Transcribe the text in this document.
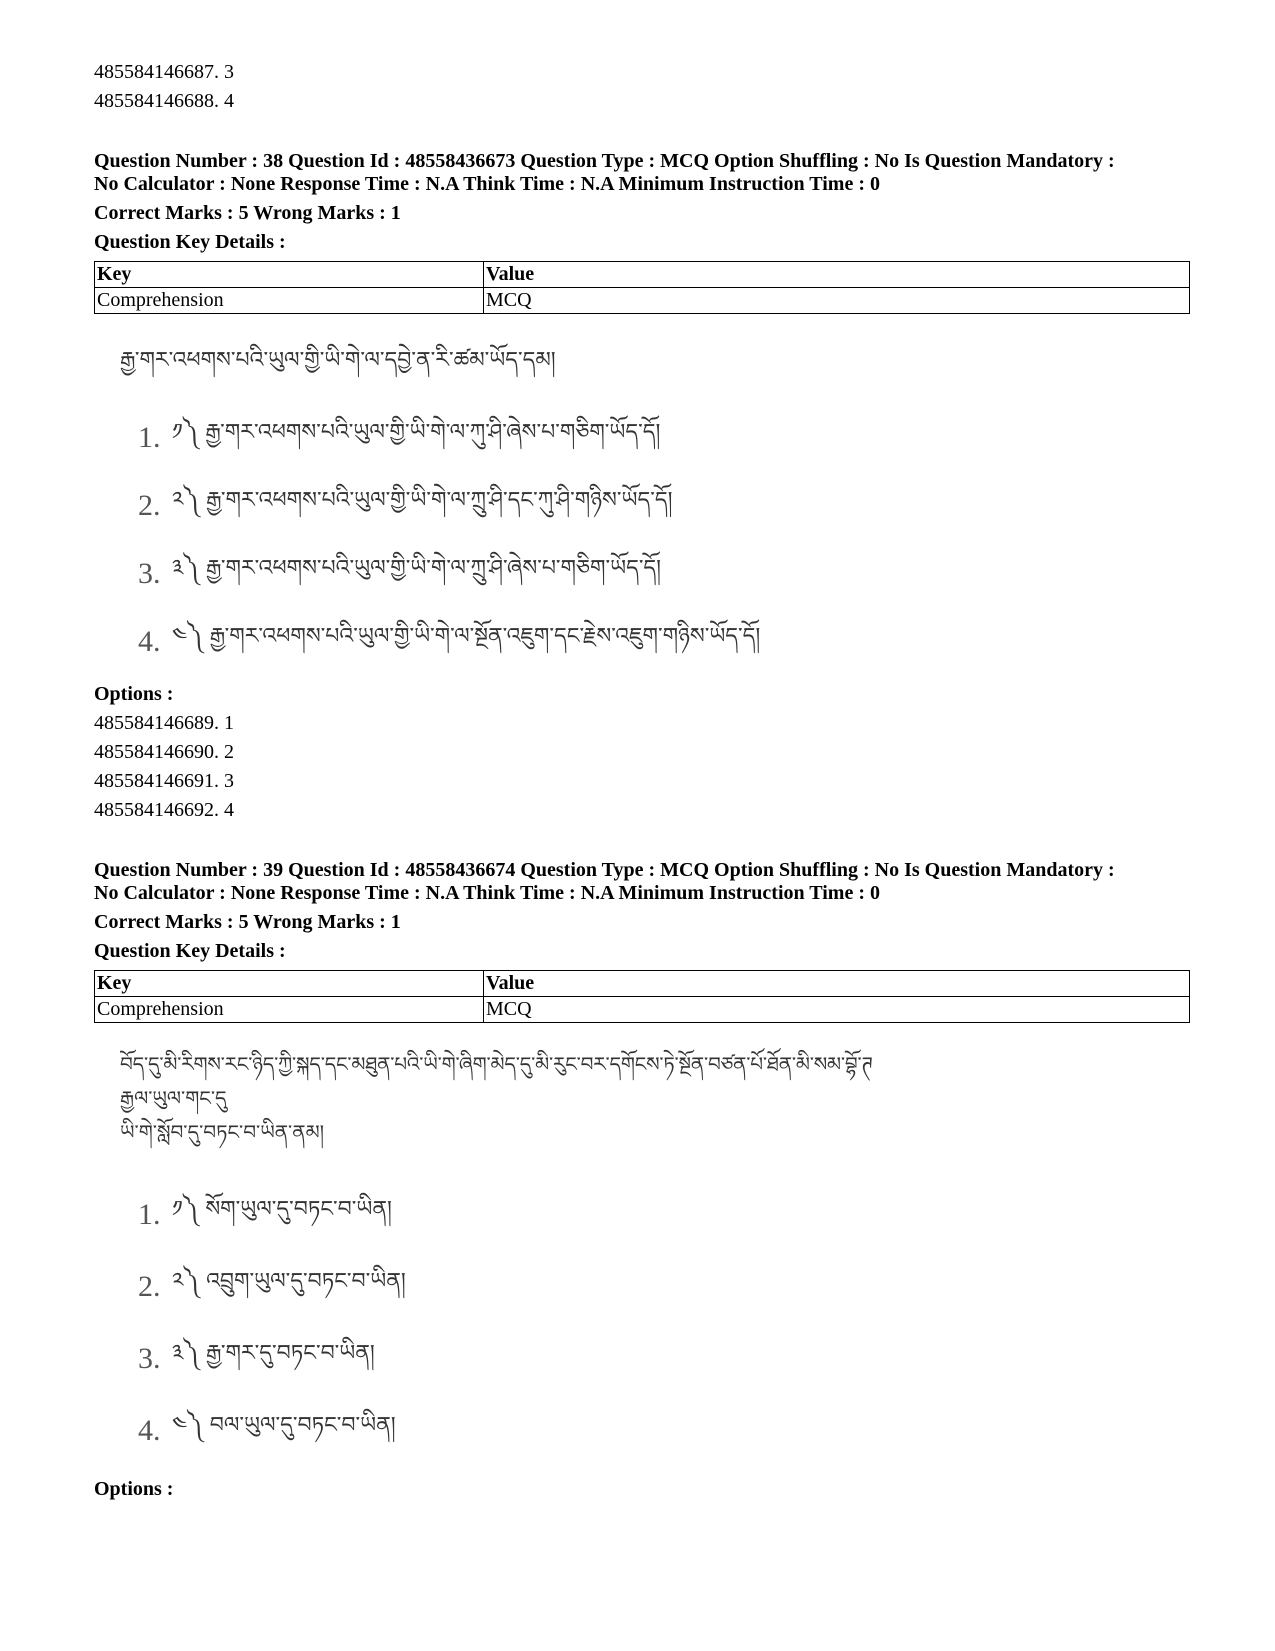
485584146687. 3
485584146688. 4
Question Number : 38 Question Id : 48558436673 Question Type : MCQ Option Shuffling : No Is Question Mandatory :
No Calculator : None Response Time : N.A Think Time : N.A Minimum Instruction Time : 0
Correct Marks : 5 Wrong Marks : 1
Question Key Details :
Key	Value
Comprehension	MCQ
རྒྱ་གར་འཕགས་པའི་ཡུལ་གྱི་ཡི་གེ་ལ་དབྱེ་ན་རི་ཚམ་ཡོད་དམ།
1. ༡༽ རྒྱ་གར་འཕགས་པའི་ཡུལ་གྱི་ཡི་གེ་ལ་ཀུ་ཤི་ཞེས་པ་གཅིག་ཡོད་དོ།
2. ༢༽ རྒྱ་གར་འཕགས་པའི་ཡུལ་གྱི་ཡི་གེ་ལ་ཀྲུ་ཤི་དང་ཀུ་ཤི་གཉིས་ཡོད་དོ།
3. ༣༽ རྒྱ་གར་འཕགས་པའི་ཡུལ་གྱི་ཡི་གེ་ལ་ཀྲུ་ཤི་ཞེས་པ་གཅིག་ཡོད་དོ།
4. ༤༽ རྒྱ་གར་འཕགས་པའི་ཡུལ་གྱི་ཡི་གེ་ལ་སྔོན་འཇུག་དང་རྗེས་འཇུག་གཉིས་ཡོད་དོ།
Options :
485584146689. 1
485584146690. 2
485584146691. 3
485584146692. 4
Question Number : 39 Question Id : 48558436674 Question Type : MCQ Option Shuffling : No Is Question Mandatory :
No Calculator : None Response Time : N.A Think Time : N.A Minimum Instruction Time : 0
Correct Marks : 5 Wrong Marks : 1
Question Key Details :
Key	Value
Comprehension	MCQ
བོད་དུ་མི་རིགས་རང་ཉིད་ཀྱི་སྐད་དང་མཐུན་པའི་ཡི་གེ་ཞིག་མེད་དུ་མི་རུང་བར་དགོངས་ཏེ་སྔོན་བཙན་པོ་ཐོན་མི་སམ་བྷོ་ཊ
རྒྱལ་ཡུལ་གང་དུ
ཡི་གེ་སློབ་དུ་བཏང་བ་ཡིན་ནམ།
1. ༡༽ སོག་ཡུལ་དུ་བཏང་བ་ཡིན།
2. ༢༽ འབྲུག་ཡུལ་དུ་བཏང་བ་ཡིན།
3. ༣༽ རྒྱ་གར་དུ་བཏང་བ་ཡིན།
4. ༤༽ བལ་ཡུལ་དུ་བཏང་བ་ཡིན།
Options :
